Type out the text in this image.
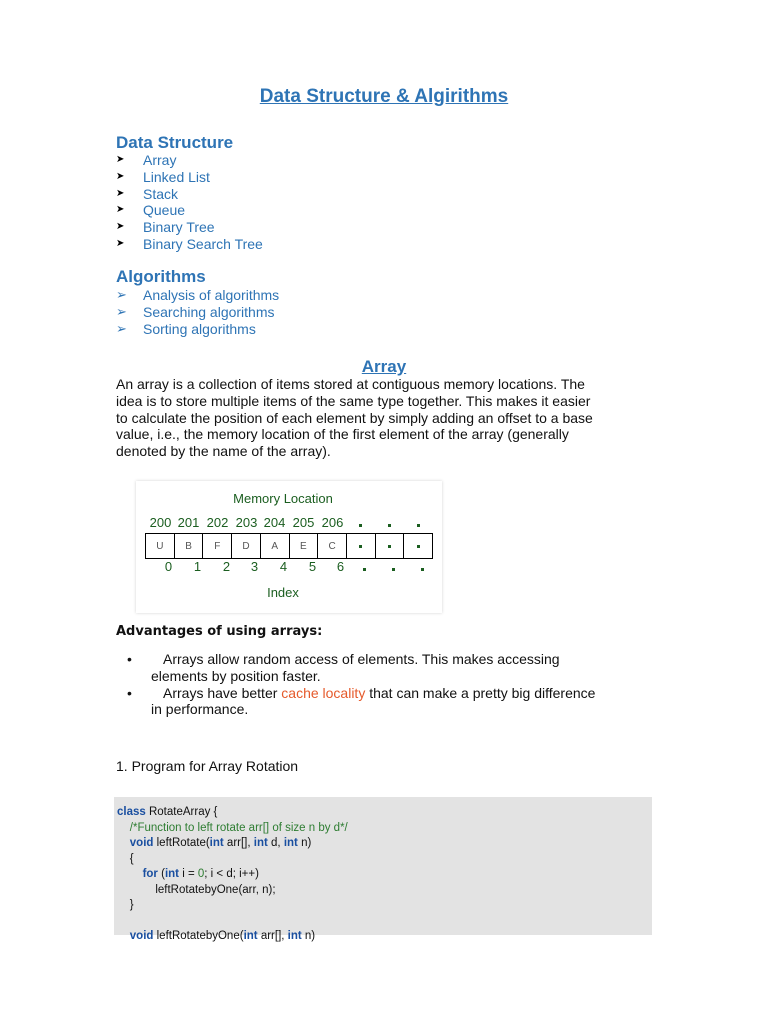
Data Structure & Algirithms
Data Structure
➤	Array
➤	Linked List
➤	Stack
➤	Queue
➤	Binary Tree
➤	Binary Search Tree
Algorithms
➢	Analysis of algorithms
➢	Searching algorithms
➢	Sorting algorithms
Array
An array is a collection of items stored at contiguous memory locations. The
idea is to store multiple items of the same type together. This makes it easier
to calculate the position of each element by simply adding an offset to a base
value, i.e., the memory location of the first element of the array (generally
denoted by the name of the array).
Memory Location
200 201 202 203 204 205 206
U	B	F	D	A	E	C
0	1	2	3	4	5	6
Index
Advantages of using arrays:
• Arrays allow random access of elements. This makes accessing
elements by position faster.
• Arrays have better cache locality that can make a pretty big difference
in performance.
1. Program for Array Rotation
class RotateArray {
/*Function to left rotate arr[] of size n by d*/
void leftRotate(int arr[], int d, int n)
{
for (int i = 0; i < d; i++)
leftRotatebyOne(arr, n);
}

void leftRotatebyOne(int arr[], int n)
